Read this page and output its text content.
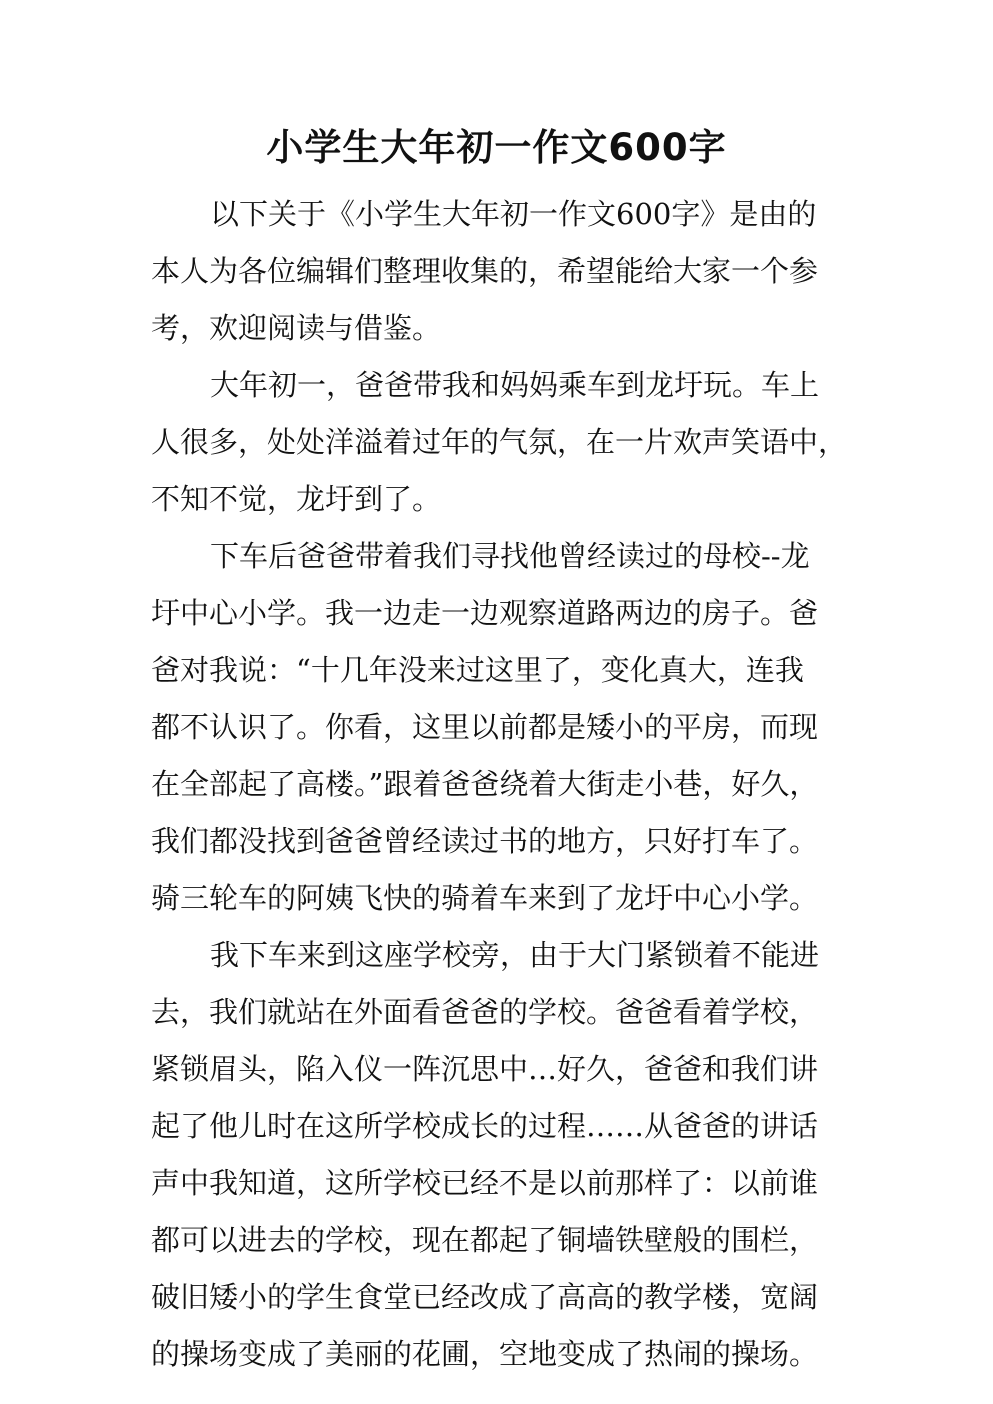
小学生大年初一作文600字
以下关于《小学生大年初一作文600字》是由的
本人为各位编辑们整理收集的，希望能给大家一个参
考，欢迎阅读与借鉴。
大年初一，爸爸带我和妈妈乘车到龙圩玩。车上
人很多，处处洋溢着过年的气氛，在一片欢声笑语中，
不知不觉，龙圩到了。
下车后爸爸带着我们寻找他曾经读过的母校--龙
圩中心小学。我一边走一边观察道路两边的房子。爸
爸对我说：“十几年没来过这里了，变化真大，连我
都不认识了。你看，这里以前都是矮小的平房，而现
在全部起了高楼。”跟着爸爸绕着大街走小巷，好久，
我们都没找到爸爸曾经读过书的地方，只好打车了。
骑三轮车的阿姨飞快的骑着车来到了龙圩中心小学。
我下车来到这座学校旁，由于大门紧锁着不能进
去，我们就站在外面看爸爸的学校。爸爸看着学校，
紧锁眉头，陷入仪一阵沉思中…好久，爸爸和我们讲
起了他儿时在这所学校成长的过程……从爸爸的讲话
声中我知道，这所学校已经不是以前那样了：以前谁
都可以进去的学校，现在都起了铜墙铁壁般的围栏，
破旧矮小的学生食堂已经改成了高高的教学楼，宽阔
的操场变成了美丽的花圃，空地变成了热闹的操场。
